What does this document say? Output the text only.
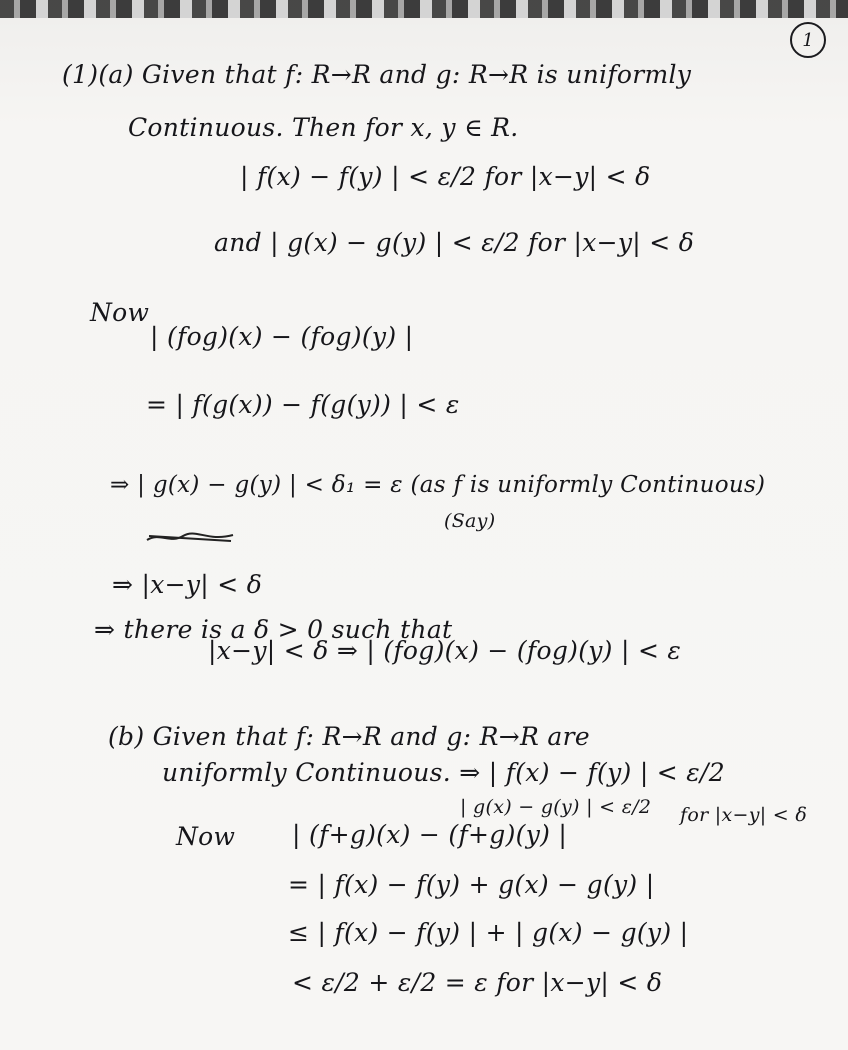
1
(1)(a) Given that f: R→R and g: R→R is uniformly
Continuous. Then for x, y ∈ R.
| f(x) − f(y) | < ε/2 for |x−y| < δ
and | g(x) − g(y) | < ε/2 for |x−y| < δ
Now
| (fog)(x) − (fog)(y) |
= | f(g(x)) − f(g(y)) | < ε
⇒ | g(x) − g(y) | < δ₁ = ε (as f is uniformly Continuous)
(Say)
⇒ |x−y| < δ
⇒ there is a δ > 0 such that
|x−y| < δ ⇒ | (fog)(x) − (fog)(y) | < ε
(b) Given that f: R→R and g: R→R are
uniformly Continuous. ⇒ | f(x) − f(y) | < ε/2
| g(x) − g(y) | < ε/2 for |x−y| < δ
Now | (f+g)(x) − (f+g)(y) |
= | f(x) − f(y) + g(x) − g(y) |
≤ | f(x) − f(y) | + | g(x) − g(y) |
< ε/2 + ε/2 = ε for |x−y| < δ
